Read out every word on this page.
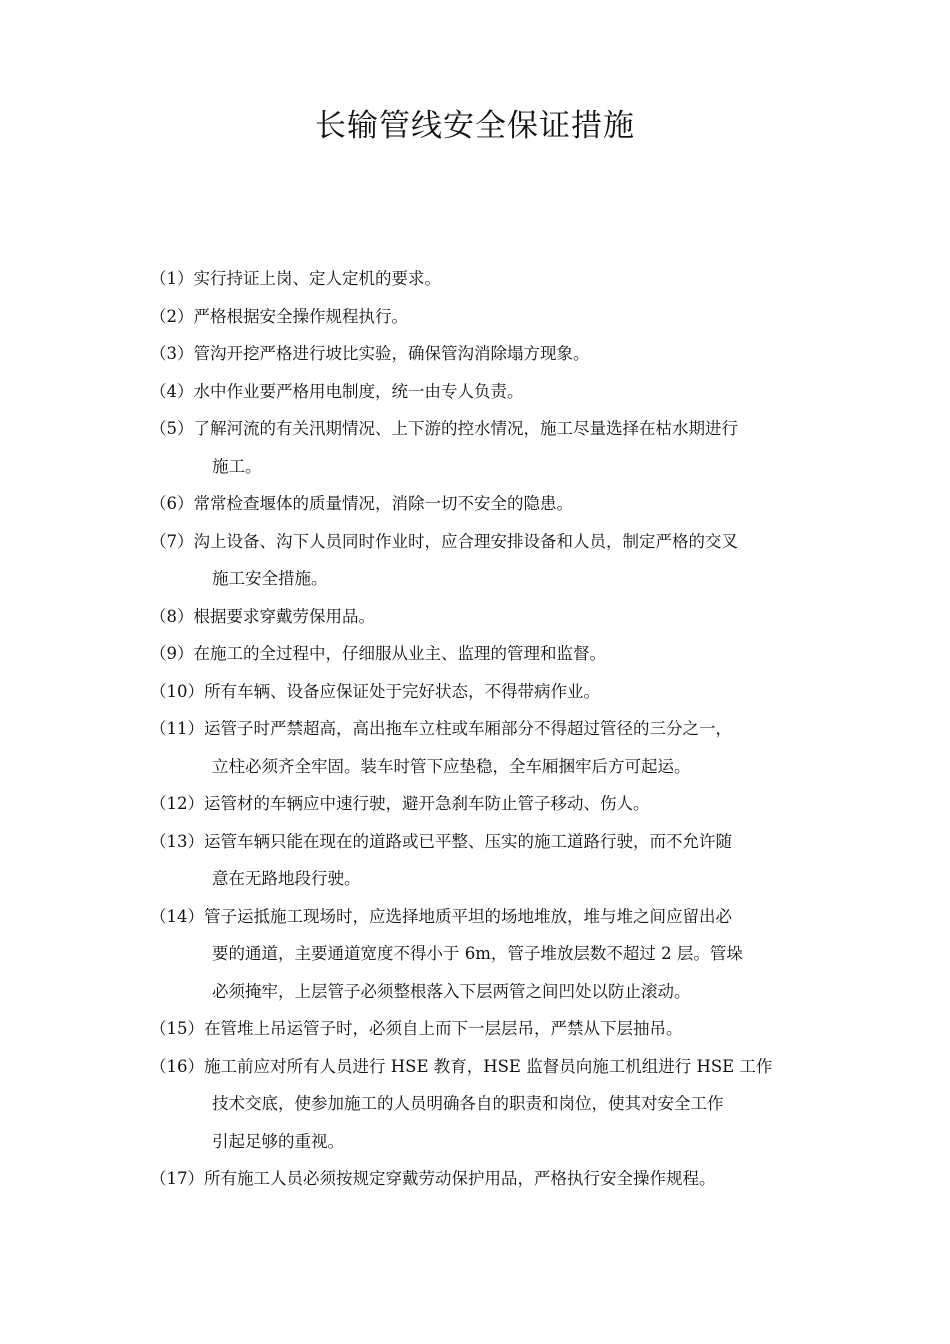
长输管线安全保证措施
（1）实行持证上岗、定人定机的要求。
（2）严格根据安全操作规程执行。
（3）管沟开挖严格进行坡比实验，确保管沟消除塌方现象。
（4）水中作业要严格用电制度，统一由专人负责。
（5）了解河流的有关汛期情况、上下游的控水情况，施工尽量选择在枯水期进行
施工。
（6）常常检查堰体的质量情况，消除一切不安全的隐患。
（7）沟上设备、沟下人员同时作业时，应合理安排设备和人员，制定严格的交叉
施工安全措施。
（8）根据要求穿戴劳保用品。
（9）在施工的全过程中，仔细服从业主、监理的管理和监督。
（10）所有车辆、设备应保证处于完好状态，不得带病作业。
（11）运管子时严禁超高，高出拖车立柱或车厢部分不得超过管径的三分之一，
立柱必须齐全牢固。装车时管下应垫稳，全车厢捆牢后方可起运。
（12）运管材的车辆应中速行驶，避开急刹车防止管子移动、伤人。
（13）运管车辆只能在现在的道路或已平整、压实的施工道路行驶，而不允许随
意在无路地段行驶。
（14）管子运抵施工现场时，应选择地质平坦的场地堆放，堆与堆之间应留出必
要的通道，主要通道宽度不得小于 6m，管子堆放层数不超过 2 层。管垛
必须掩牢，上层管子必须整根落入下层两管之间凹处以防止滚动。
（15）在管堆上吊运管子时，必须自上而下一层层吊，严禁从下层抽吊。
（16）施工前应对所有人员进行 HSE 教育，HSE 监督员向施工机组进行 HSE 工作
技术交底，使参加施工的人员明确各自的职责和岗位，使其对安全工作
引起足够的重视。
（17）所有施工人员必须按规定穿戴劳动保护用品，严格执行安全操作规程。
